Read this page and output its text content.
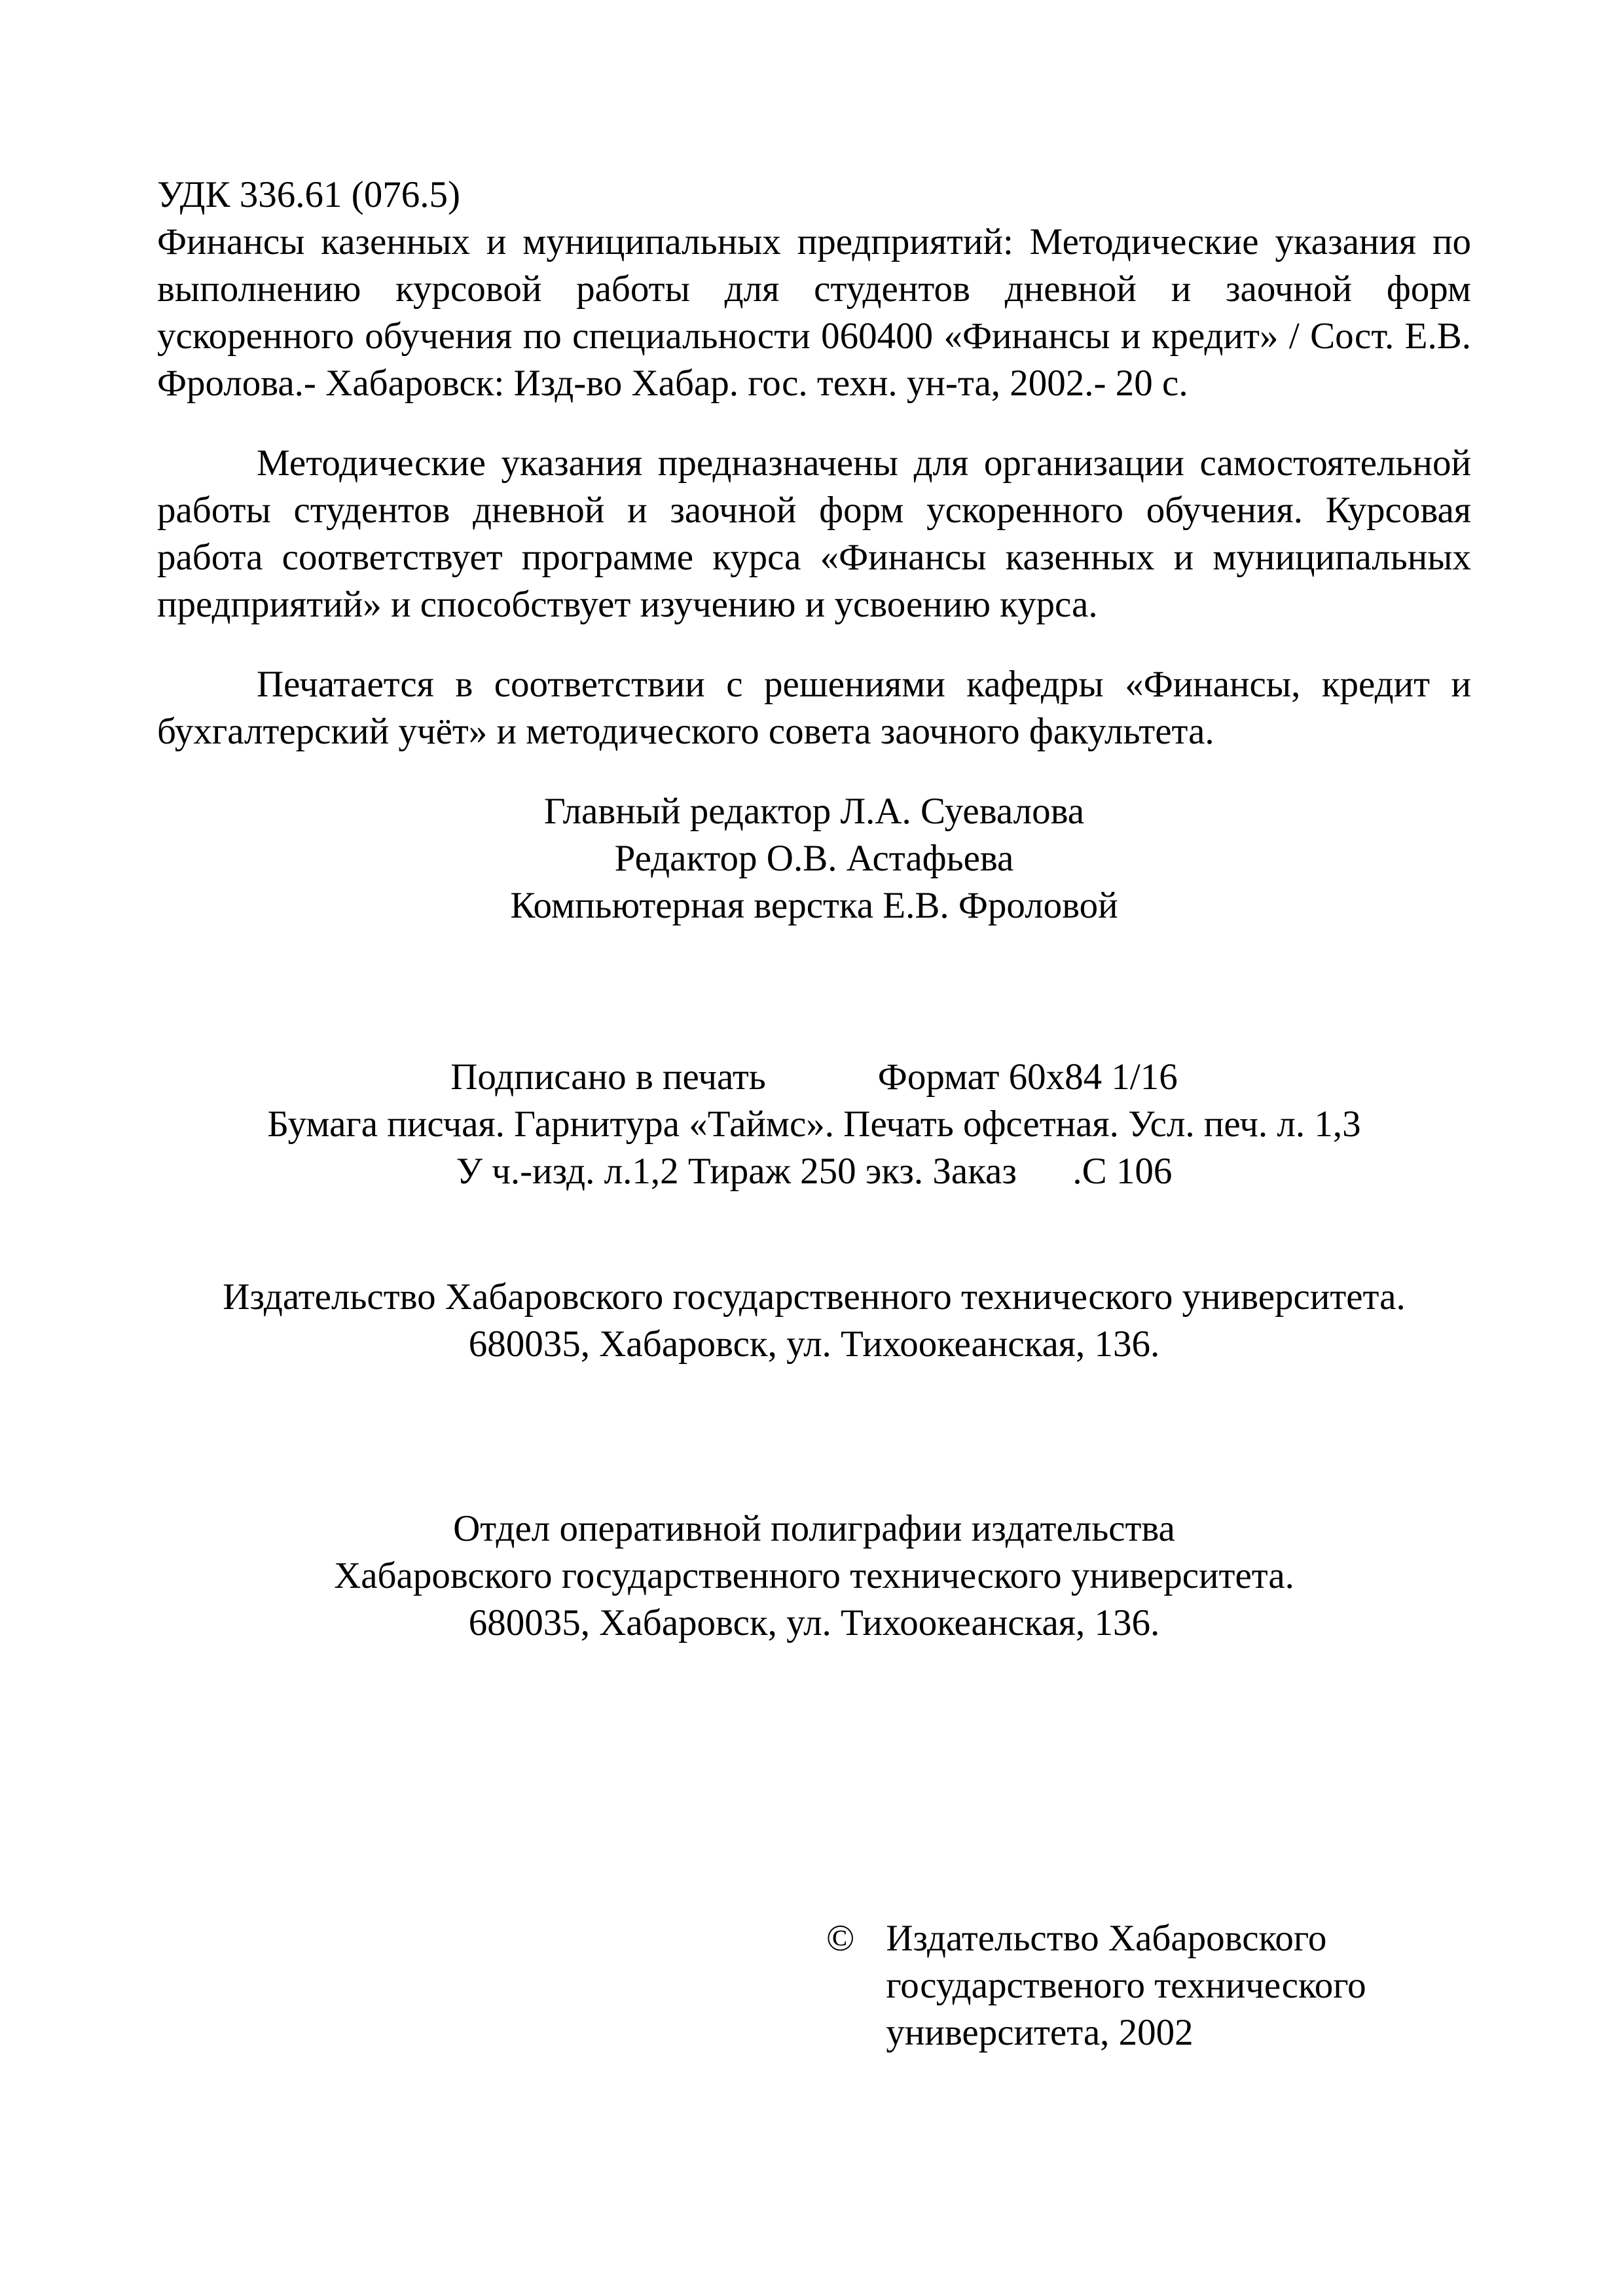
УДК 336.61 (076.5)

Финансы казенных и муниципальных предприятий: Методические указания по выполнению курсовой работы для студентов дневной и заочной форм ускоренного обучения по специальности 060400 «Финансы и кредит» / Сост. Е.В. Фролова.- Хабаровск: Изд-во Хабар. гос. техн. ун-та, 2002.- 20 с.

Методические указания предназначены для организации самостоятельной работы студентов дневной и заочной форм ускоренного обучения. Курсовая работа соответствует программе курса «Финансы казенных и муниципальных предприятий» и способствует изучению и усвоению курса.

Печатается в соответствии с решениями кафедры «Финансы, кредит и бухгалтерский учёт» и методического совета заочного факультета.

Главный редактор Л.А. Суевалова
Редактор О.В. Астафьева
Компьютерная верстка Е.В. Фроловой
Подписано в печать            Формат 60х84 1/16
Бумага писчая. Гарнитура «Таймс». Печать офсетная. Усл. печ. л. 1,3
У ч.-изд. л.1,2 Тираж 250 экз. Заказ      .С 106
Издательство Хабаровского государственного технического университета.
680035, Хабаровск, ул. Тихоокеанская, 136.
Отдел оперативной полиграфии издательства
Хабаровского государственного технического университета.
680035, Хабаровск, ул. Тихоокеанская, 136.
© Издательство Хабаровского
государственого технического
университета, 2002
